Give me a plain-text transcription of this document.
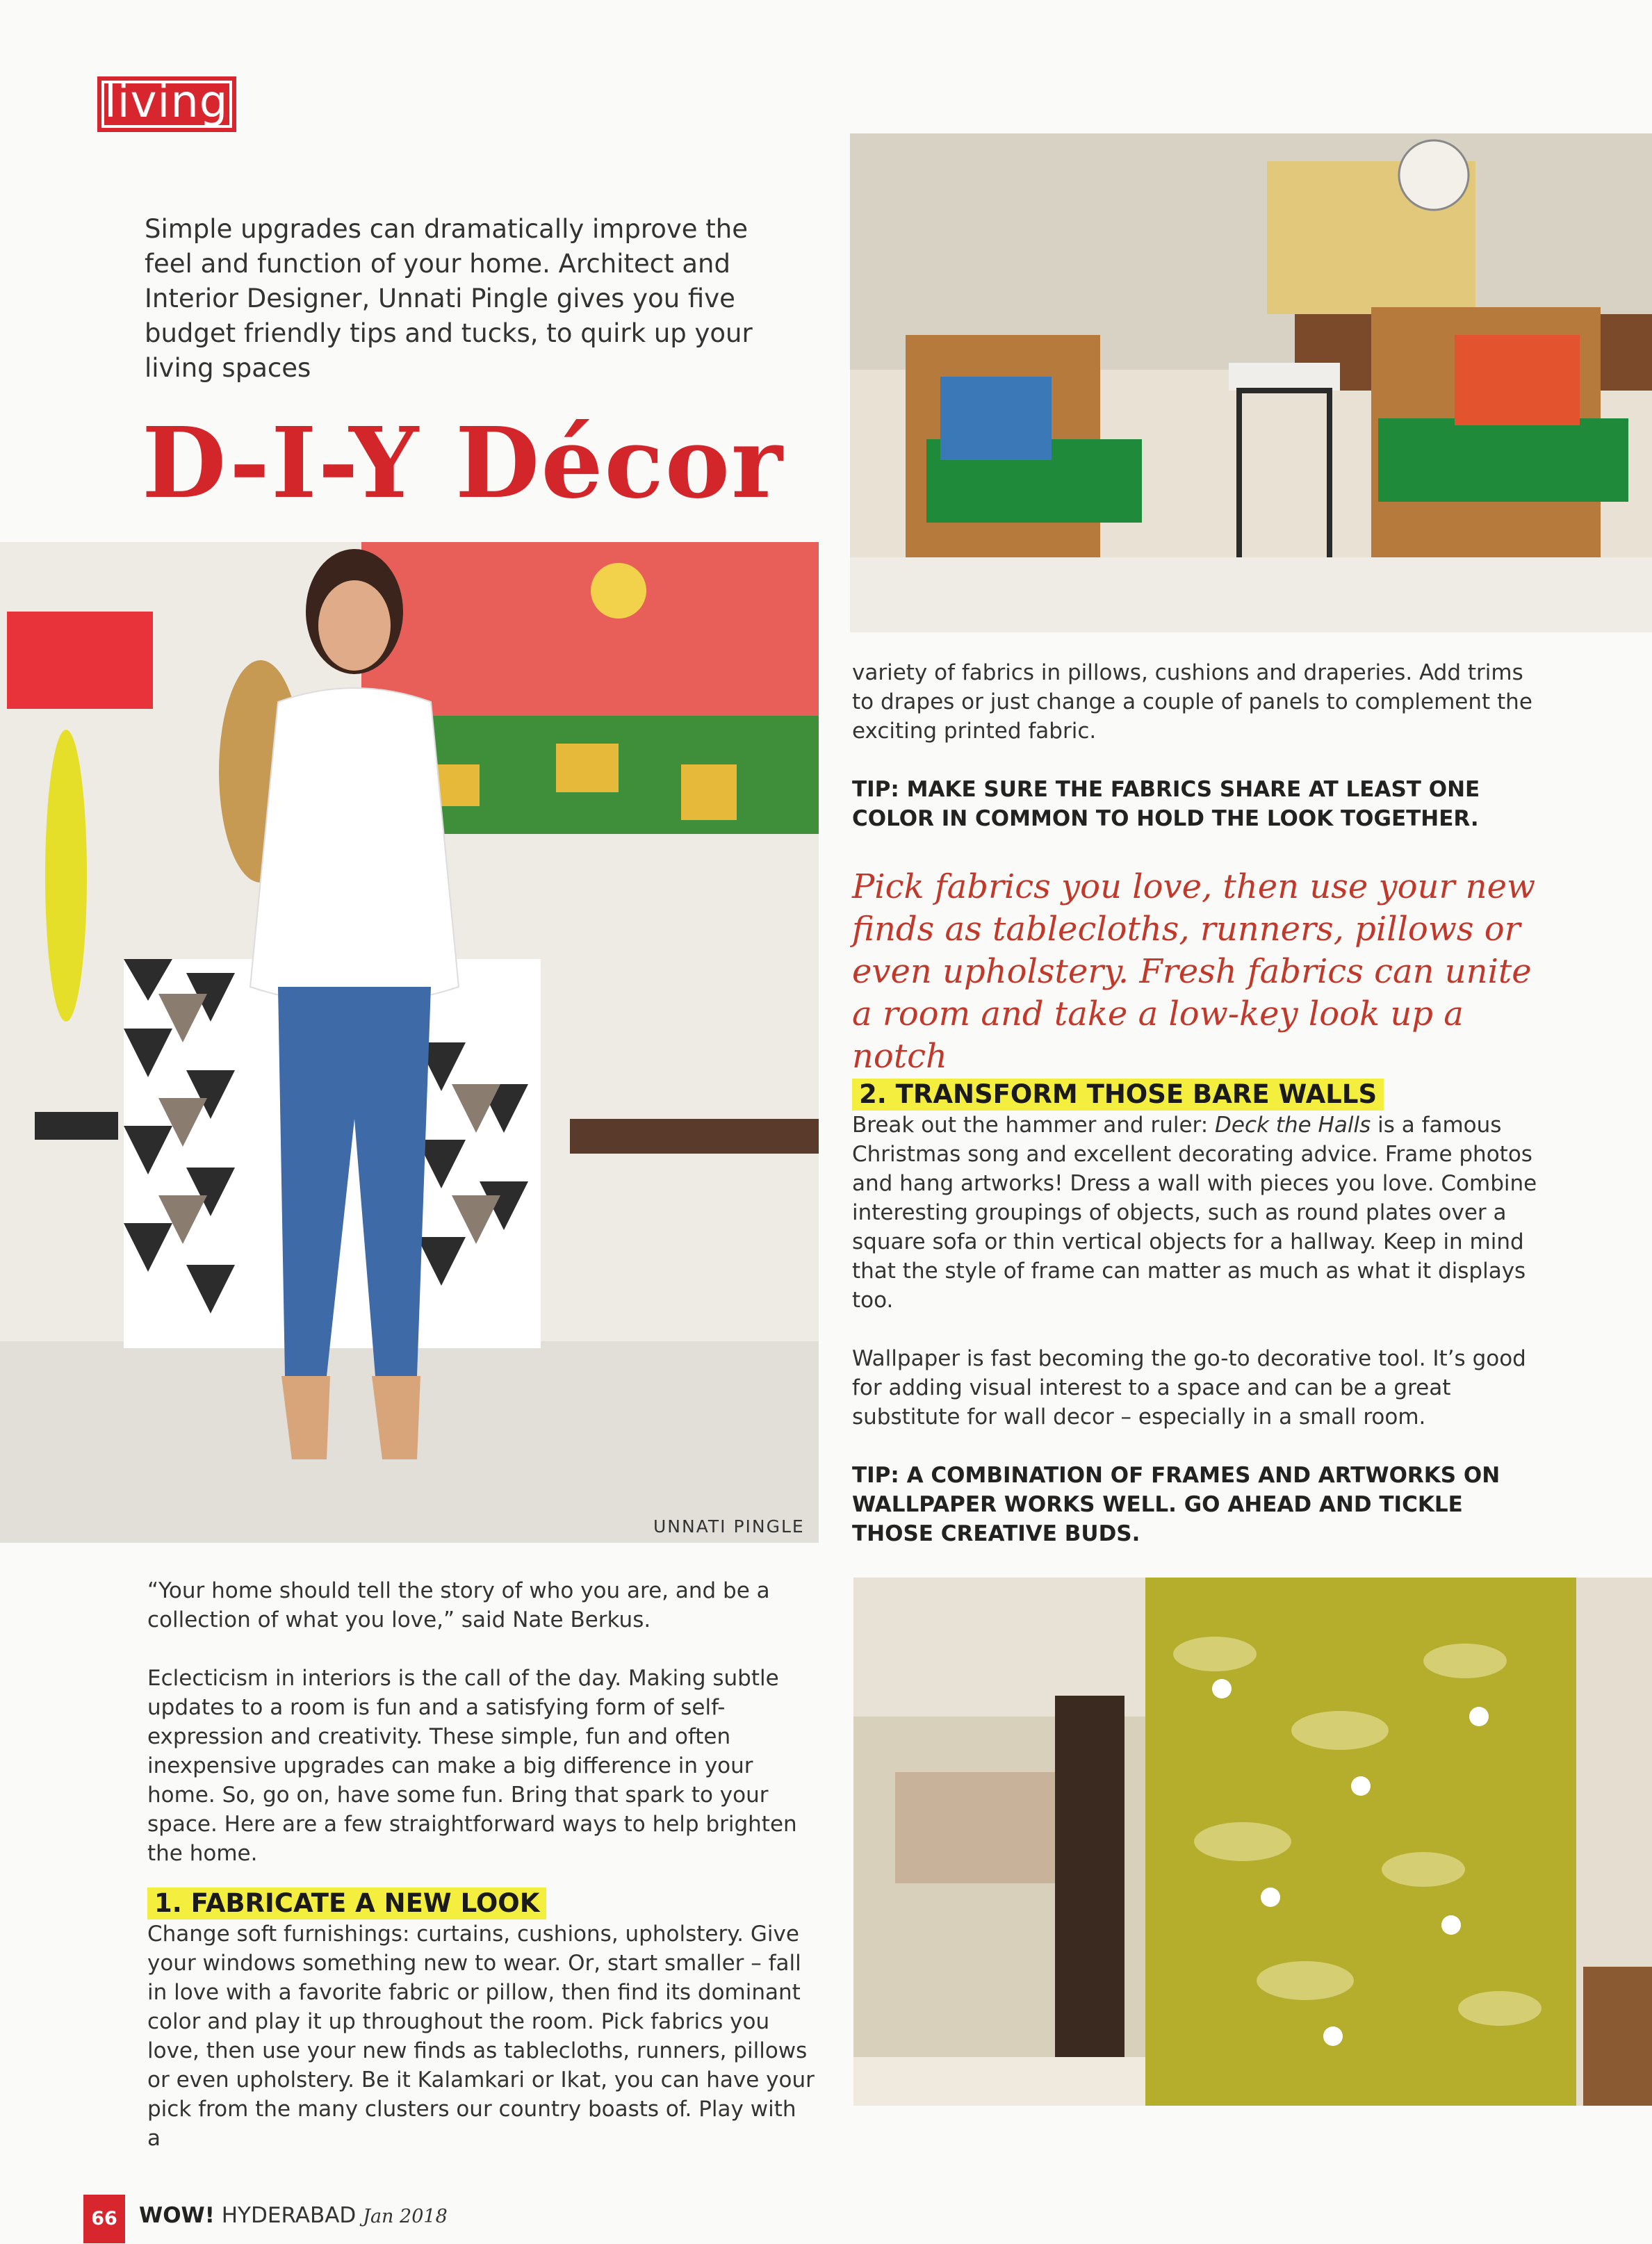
living
Simple upgrades can dramatically improve the feel and function of your home. Architect and Interior Designer, Unnati Pingle gives you five budget friendly tips and tucks, to quirk up your living spaces
D-I-Y Décor
UNNATI PINGLE

“Your home should tell the story of who you are, and be a collection of what you love,” said Nate Berkus.

Eclecticism in interiors is the call of the day. Making subtle updates to a room is fun and a satisfying form of self-expression and creativity. These simple, fun and often inexpensive upgrades can make a big difference in your home. So, go on, have some fun. Bring that spark to your space. Here are a few straightforward ways to help brighten the home.

1. FABRICATE A NEW LOOK

Change soft furnishings: curtains, cushions, upholstery. Give your windows something new to wear. Or, start smaller – fall in love with a favorite fabric or pillow, then find its dominant color and play it up throughout the room. Pick fabrics you love, then use your new finds as tablecloths, runners, pillows or even upholstery. Be it Kalamkari or Ikat, you can have your pick from the many clusters our country boasts of. Play with a

variety of fabrics in pillows, cushions and draperies. Add trims to drapes or just change a couple of panels to complement the exciting printed fabric.

TIP: MAKE SURE THE FABRICS SHARE AT LEAST ONE COLOR IN COMMON TO HOLD THE LOOK TOGETHER.

Pick fabrics you love, then use your new finds as tablecloths, runners, pillows or even upholstery. Fresh fabrics can unite a room and take a low-key look up a notch
2. TRANSFORM THOSE BARE WALLS

Break out the hammer and ruler: Deck the Halls is a famous Christmas song and excellent decorating advice. Frame photos and hang artworks! Dress a wall with pieces you love. Combine interesting groupings of objects, such as round plates over a square sofa or thin vertical objects for a hallway. Keep in mind that the style of frame can matter as much as what it displays too.

Wallpaper is fast becoming the go-to decorative tool. It’s good for adding visual interest to a space and can be a great substitute for wall decor – especially in a small room.

TIP: A COMBINATION OF FRAMES AND ARTWORKS ON WALLPAPER WORKS WELL. GO AHEAD AND TICKLE THOSE CREATIVE BUDS.

66	WOW! HYDERABAD Jan 2018
